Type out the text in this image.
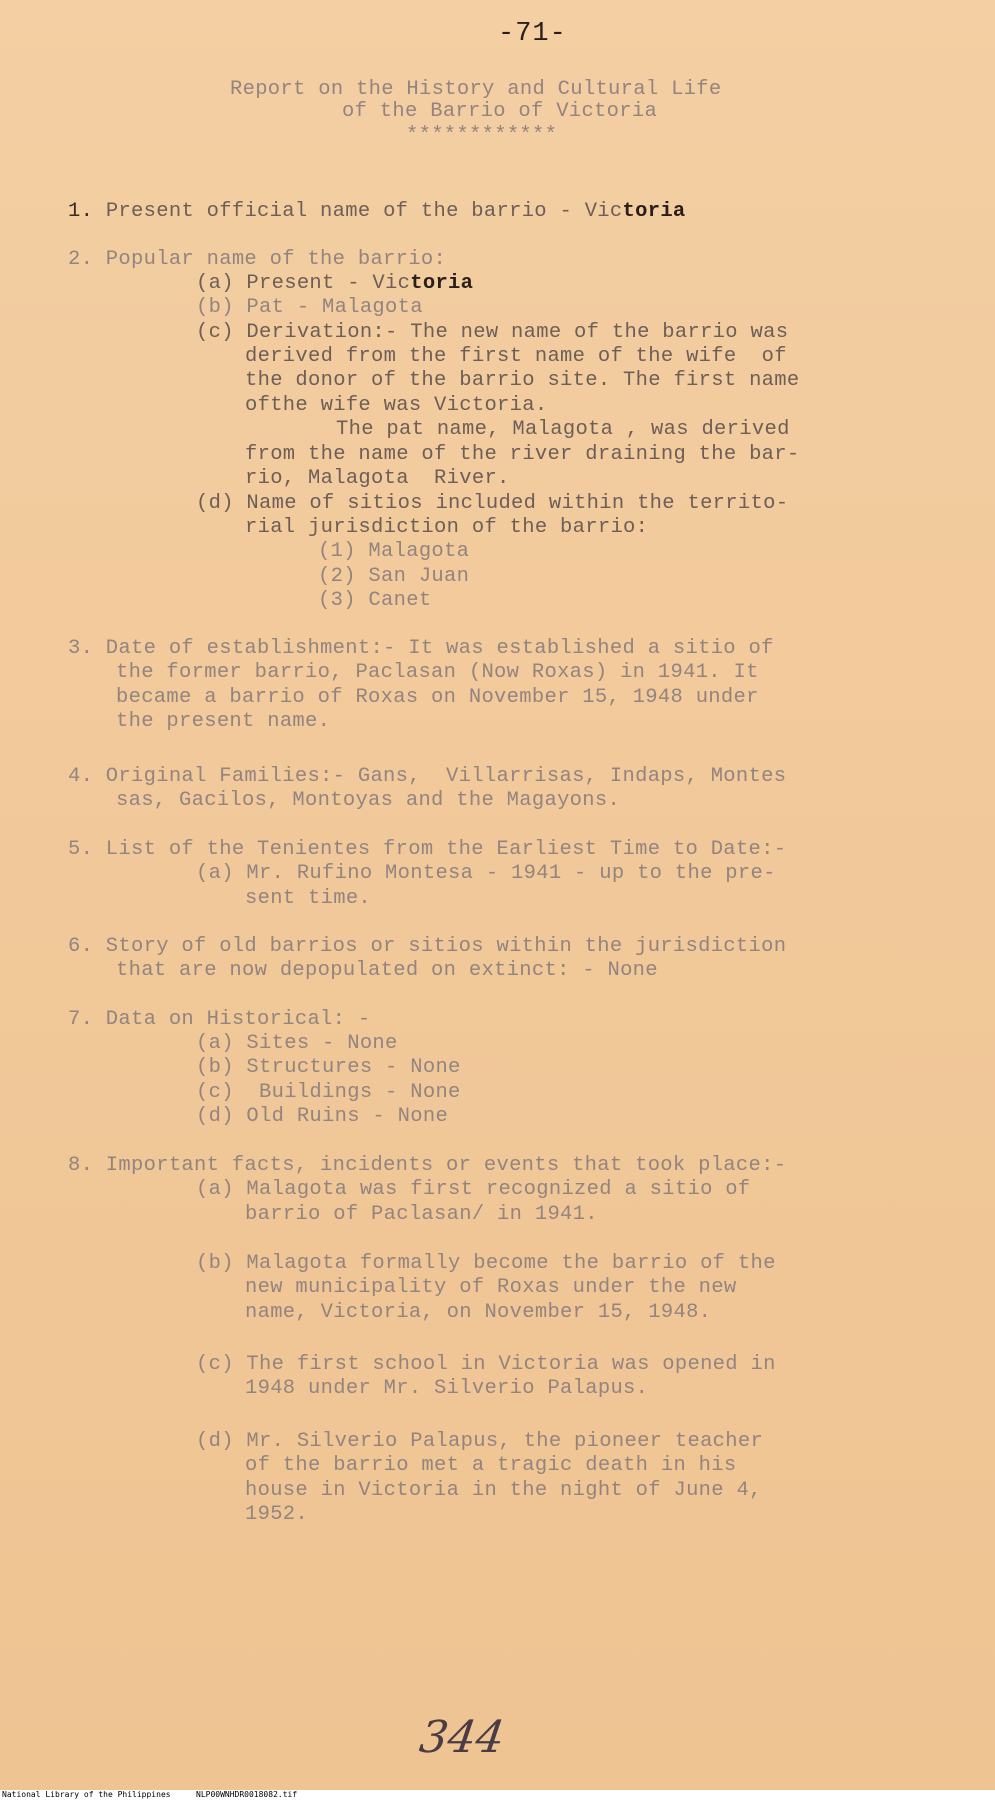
-71-
Report on the History and Cultural Life
of the Barrio of Victoria
************
1. Present official name of the barrio - Victoria
2. Popular name of the barrio:
(a) Present - Victoria
(b) Pat - Malagota
(c) Derivation:- The new name of the barrio was
derived from the first name of the wife  of
the donor of the barrio site. The first name
ofthe wife was Victoria.
The pat name, Malagota , was derived
from the name of the river draining the bar-
rio, Malagota  River.
(d) Name of sitios included within the territo-
rial jurisdiction of the barrio:
(1) Malagota
(2) San Juan
(3) Canet
3. Date of establishment:- It was established a sitio of
the former barrio, Paclasan (Now Roxas) in 1941. It
became a barrio of Roxas on November 15, 1948 under
the present name.
4. Original Families:- Gans,  Villarrisas, Indaps, Montes
sas, Gacilos, Montoyas and the Magayons.
5. List of the Tenientes from the Earliest Time to Date:-
(a) Mr. Rufino Montesa - 1941 - up to the pre-
sent time.
6. Story of old barrios or sitios within the jurisdiction
that are now depopulated on extinct: - None
7. Data on Historical: -
(a) Sites - None
(b) Structures - None
(c)  Buildings - None
(d) Old Ruins - None
8. Important facts, incidents or events that took place:-
(a) Malagota was first recognized a sitio of
barrio of Paclasan/ in 1941.
(b) Malagota formally become the barrio of the
new municipality of Roxas under the new
name, Victoria, on November 15, 1948.
(c) The first school in Victoria was opened in
1948 under Mr. Silverio Palapus.
(d) Mr. Silverio Palapus, the pioneer teacher
of the barrio met a tragic death in his
house in Victoria in the night of June 4,
1952.
344
National Library of the Philippines	NLP00WNHDR0018082.tif
